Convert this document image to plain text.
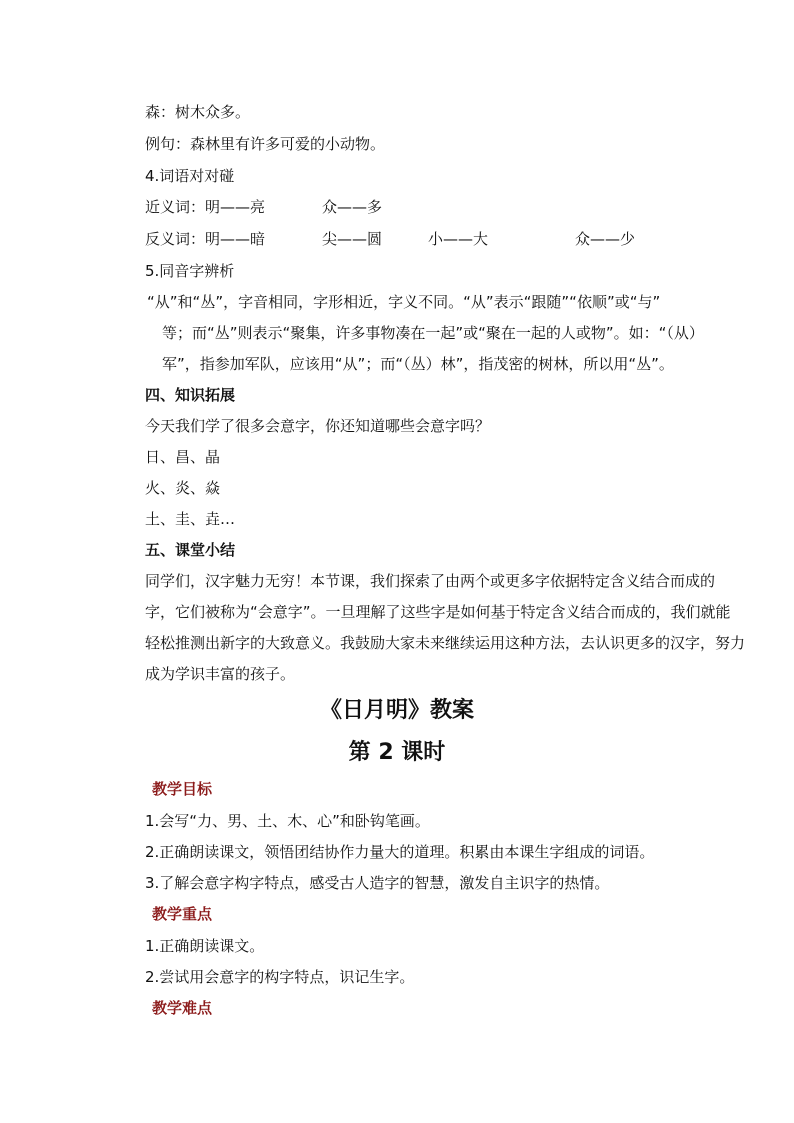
森：树木众多。
例句：森林里有许多可爱的小动物。
4.词语对对碰
近义词：明——亮	众——多
反义词：明——暗	尖——圆	小——大	众——少
5.同音字辨析
“从”和“丛”，字音相同，字形相近，字义不同。“从”表示“跟随”“依顺”或“与”
等；而“丛”则表示“聚集，许多事物凑在一起”或“聚在一起的人或物”。如：“（从）
军”，指参加军队，应该用“从”；而“（丛）林”，指茂密的树林，所以用“丛”。
四、知识拓展
今天我们学了很多会意字，你还知道哪些会意字吗？
日、昌、晶
火、炎、焱
土、圭、垚…
五、课堂小结
同学们，汉字魅力无穷！本节课，我们探索了由两个或更多字依据特定含义结合而成的
字，它们被称为“会意字”。一旦理解了这些字是如何基于特定含义结合而成的，我们就能
轻松推测出新字的大致意义。我鼓励大家未来继续运用这种方法，去认识更多的汉字，努力
成为学识丰富的孩子。
《日月明》教案
第 2 课时
教学目标
1.会写“力、男、土、木、心”和卧钩笔画。
2.正确朗读课文，领悟团结协作力量大的道理。积累由本课生字组成的词语。
3.了解会意字构字特点，感受古人造字的智慧，激发自主识字的热情。
教学重点
1.正确朗读课文。
2.尝试用会意字的构字特点，识记生字。
教学难点
